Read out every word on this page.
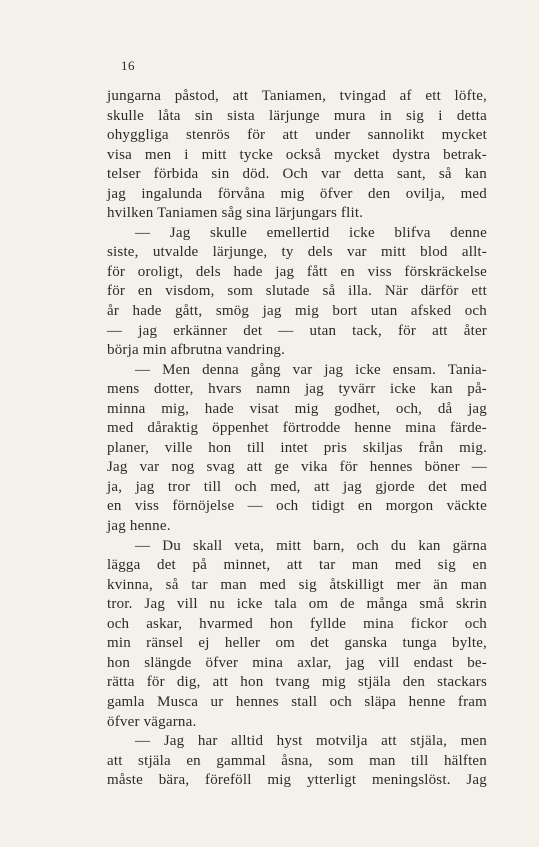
16
jungarna påstod, att Taniamen, tvingad af ett löfte,
skulle låta sin sista lärjunge mura in sig i detta
ohyggliga stenrös för att under sannolikt mycket
visa men i mitt tycke också mycket dystra betrak-
telser förbida sin död. Och var detta sant, så kan
jag ingalunda förvåna mig öfver den oviljа, med
hvilken Taniamen såg sina lärjungars flit.
— Jag skulle emellertid icke blifva denne
siste, utvalde lärjunge, ty dels var mitt blod allt-
för oroligt, dels hade jag fått en viss förskräckelse
för en visdom, som slutade så illa. När därför ett
år hade gått, smög jag mig bort utan afsked och
— jag erkänner det — utan tack, för att åter
börja min afbrutna vandring.
— Men denna gång var jag icke ensam. Tania-
mens dotter, hvars namn jag tyvärr icke kan på-
minna mig, hade visat mig godhet, och, då jag
med dåraktig öppenhet förtrodde henne mina färde-
planer, ville hon till intet pris skiljas från mig.
Jag var nog svag att ge vika för hennes böner —
ja, jag tror till och med, att jag gjorde det med
en viss förnöjelse — och tidigt en morgon väckte
jag henne.
— Du skall veta, mitt barn, och du kan gärna
lägga det på minnet, att tar man med sig en
kvinna, så tar man med sig åtskilligt mer än man
tror. Jag vill nu icke tala om de många små skrin
och askar, hvarmed hon fyllde mina fickor och
min ränsel ej heller om det ganska tunga bylte,
hon slängde öfver mina axlar, jag vill endast be-
rätta för dig, att hon tvang mig stjäla den stackars
gamla Musca ur hennes stall och släpa henne fram
öfver vägarna.
— Jag har alltid hyst motvilja att stjäla, men
att stjäla en gammal åsna, som man till hälften
måste bära, föreföll mig ytterligt meningslöst. Jag
